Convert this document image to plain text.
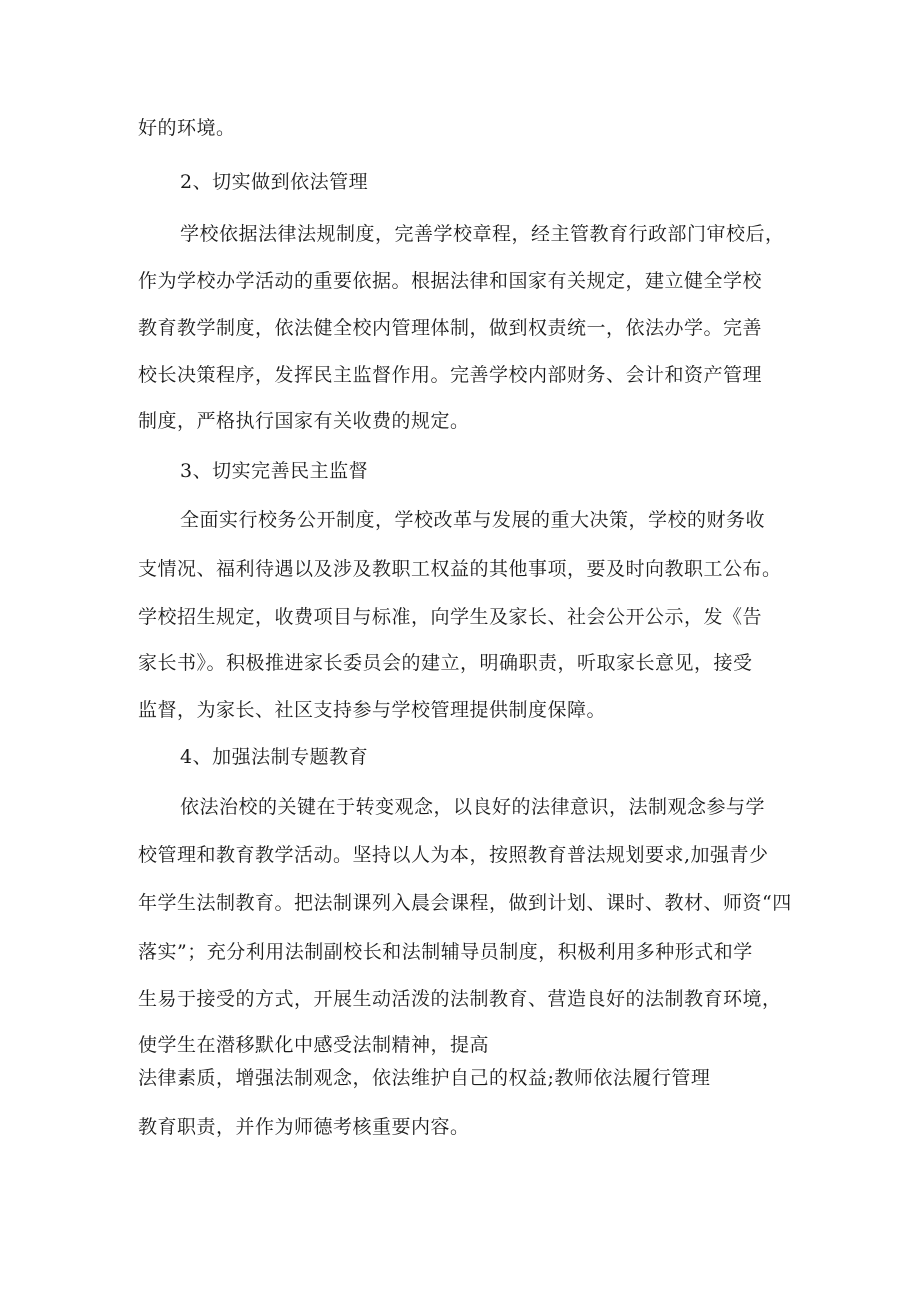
好的环境。
2、切实做到依法管理
学校依据法律法规制度，完善学校章程，经主管教育行政部门审校后，
作为学校办学活动的重要依据。根据法律和国家有关规定，建立健全学校
教育教学制度，依法健全校内管理体制，做到权责统一，依法办学。完善
校长决策程序，发挥民主监督作用。完善学校内部财务、会计和资产管理
制度，严格执行国家有关收费的规定。
3、切实完善民主监督
全面实行校务公开制度，学校改革与发展的重大决策，学校的财务收
支情况、福利待遇以及涉及教职工权益的其他事项，要及时向教职工公布。
学校招生规定，收费项目与标准，向学生及家长、社会公开公示，发《告
家长书》。积极推进家长委员会的建立，明确职责，听取家长意见，接受
监督，为家长、社区支持参与学校管理提供制度保障。
4、加强法制专题教育
依法治校的关键在于转变观念，以良好的法律意识，法制观念参与学
校管理和教育教学活动。坚持以人为本，按照教育普法规划要求,加强青少
年学生法制教育。把法制课列入晨会课程，做到计划、课时、教材、师资“四
落实”；充分利用法制副校长和法制辅导员制度，积极利用多种形式和学
生易于接受的方式，开展生动活泼的法制教育、营造良好的法制教育环境，
使学生在潜移默化中感受法制精神，提高
法律素质，增强法制观念，依法维护自己的权益;教师依法履行管理
教育职责，并作为师德考核重要内容。
